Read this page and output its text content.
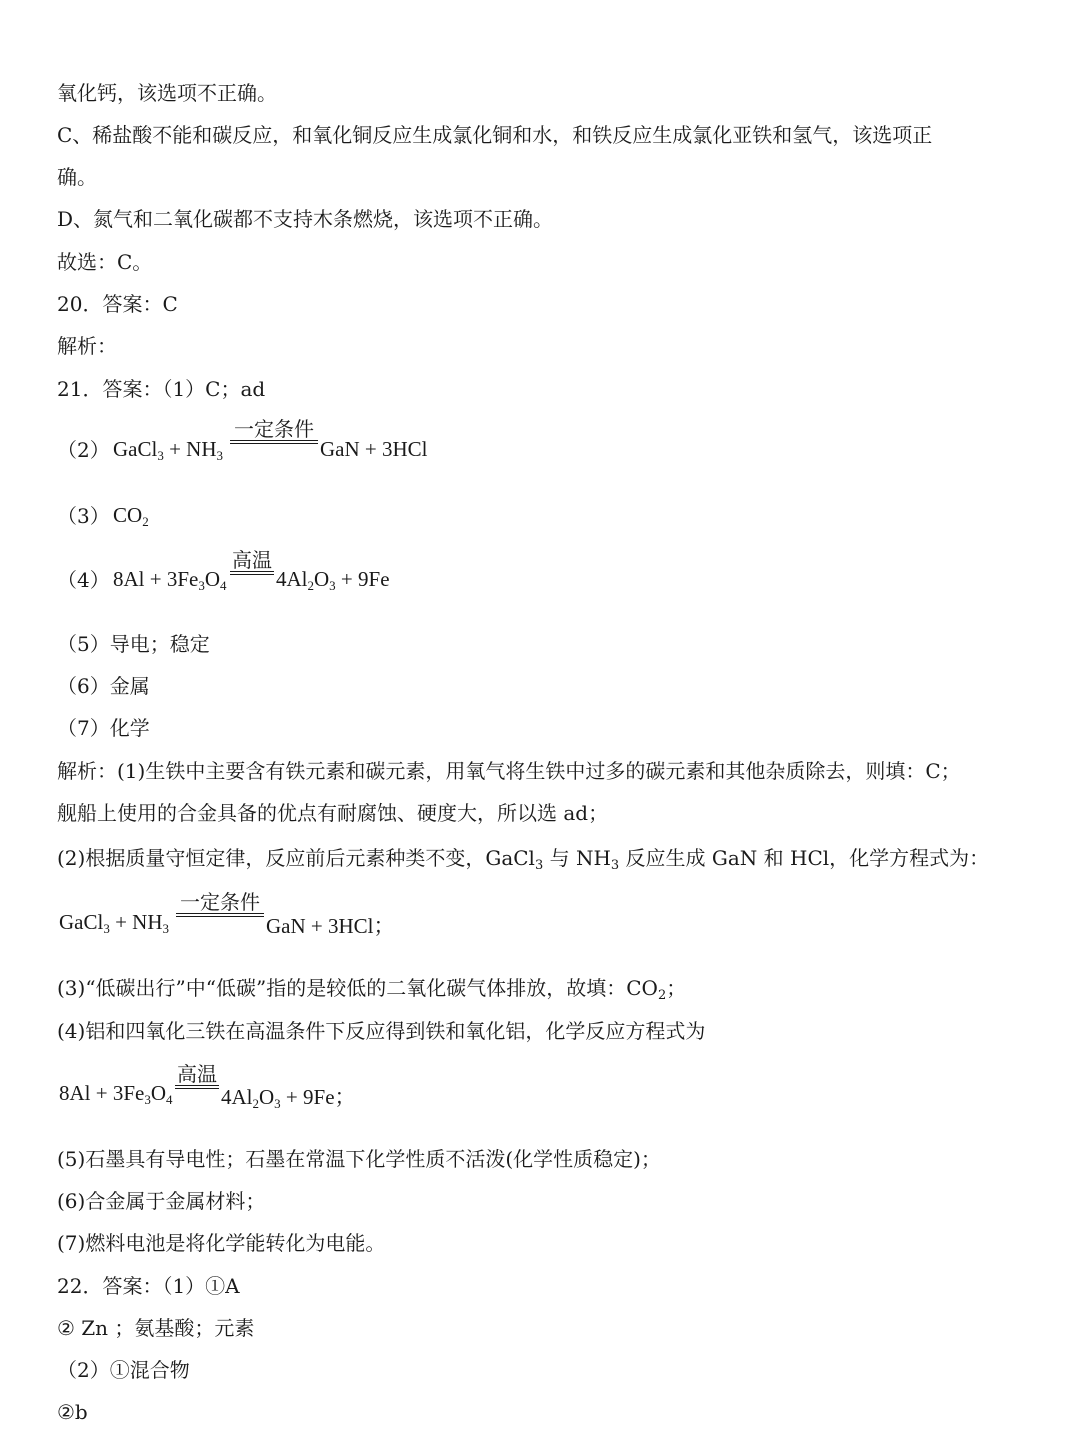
氧化钙，该选项不正确。
C、稀盐酸不能和碳反应，和氧化铜反应生成氯化铜和水，和铁反应生成氯化亚铁和氢气，该选项正
确。
D、氮气和二氧化碳都不支持木条燃烧，该选项不正确。
故选：C。
20．答案：C
解析：
21．答案：（1）C；ad
（2） GaCl$_3$ + $NH_3$
一定条件
GaN + 3HCl
（3） $CO_2$
（4） $8Al + 3Fe_3O_4$
高温
$4Al_2O_3 + 9Fe$
（5）导电；稳定
（6）金属
（7）化学
解析：(1)生铁中主要含有铁元素和碳元素，用氧气将生铁中过多的碳元素和其他杂质除去，则填：C；
舰船上使用的合金具备的优点有耐腐蚀、硬度大，所以选 ad；
(2)根据质量守恒定律，反应前后元素种类不变，GaCl$_3$ 与 $NH_3$ 反应生成 GaN 和 HCl，化学方程式为：
GaCl$_3$ + $NH_3$
一定条件
GaN + 3HCl；
(3)“低碳出行”中“低碳”指的是较低的二氧化碳气体排放，故填：$CO_2$；
(4)铝和四氧化三铁在高温条件下反应得到铁和氧化铝，化学反应方程式为
$8Al + 3Fe_3O_4$
高温
$4Al_2O_3 + 9Fe$；
(5)石墨具有导电性；石墨在常温下化学性质不活泼(化学性质稳定)；
(6)合金属于金属材料；
(7)燃料电池是将化学能转化为电能。
22．答案：（1）①A
② Zn ；氨基酸；元素
（2）①混合物
②b
